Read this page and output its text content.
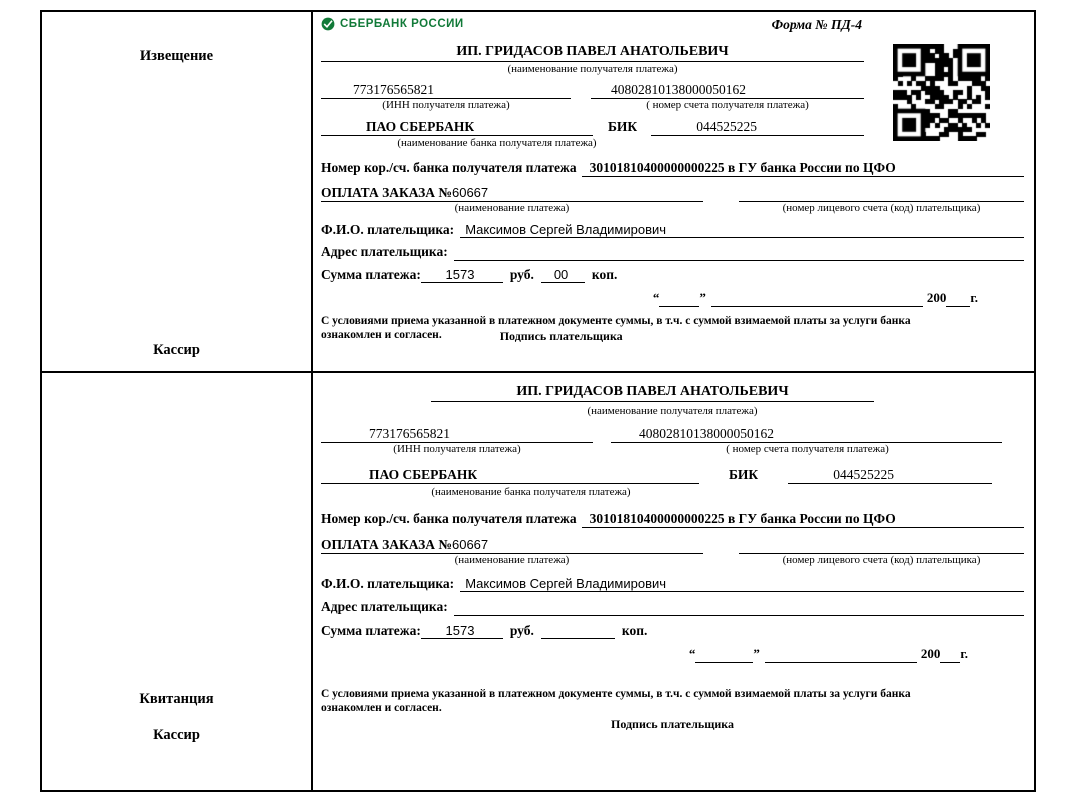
Извещение
Кассир
СБЕРБАНК РОССИИ	Форма № ПД-4
ИП. ГРИДАСОВ ПАВЕЛ АНАТОЛЬЕВИЧ
(наименование получателя платежа)
773176565821	40802810138000050162
(ИНН получателя платежа)	( номер счета получателя платежа)
ПАО СБЕРБАНК	БИК	044525225
(наименование банка получателя платежа)
Номер кор./сч. банка получателя платежа 30101810400000000225 в ГУ банка России по ЦФО
ОПЛАТА ЗАКАЗА №60667
(наименование платежа)	(номер лицевого счета (код) плательщика)
Ф.И.О. плательщика: Максимов Сергей Владимирович
Адрес плательщика:
Сумма платежа:	1573	руб.	00	коп.
“	”	200 г.
С условиями приема указанной в платежном документе суммы, в т.ч. с суммой взимаемой платы за услуги банка
ознакомлен и согласен.	Подпись плательщика
Квитанция
Кассир
ИП. ГРИДАСОВ ПАВЕЛ АНАТОЛЬЕВИЧ
(наименование получателя платежа)
773176565821	40802810138000050162
(ИНН получателя платежа)	( номер счета получателя платежа)
ПАО СБЕРБАНК	БИК	044525225
(наименование банка получателя платежа)
Номер кор./сч. банка получателя платежа 30101810400000000225 в ГУ банка России по ЦФО
ОПЛАТА ЗАКАЗА №60667
(наименование платежа)	(номер лицевого счета (код) плательщика)
Ф.И.О. плательщика: Максимов Сергей Владимирович
Адрес плательщика:
Сумма платежа:	1573	руб.	коп.
“	”	200 г.
С условиями приема указанной в платежном документе суммы, в т.ч. с суммой взимаемой платы за услуги банка
ознакомлен и согласен.
Подпись плательщика
